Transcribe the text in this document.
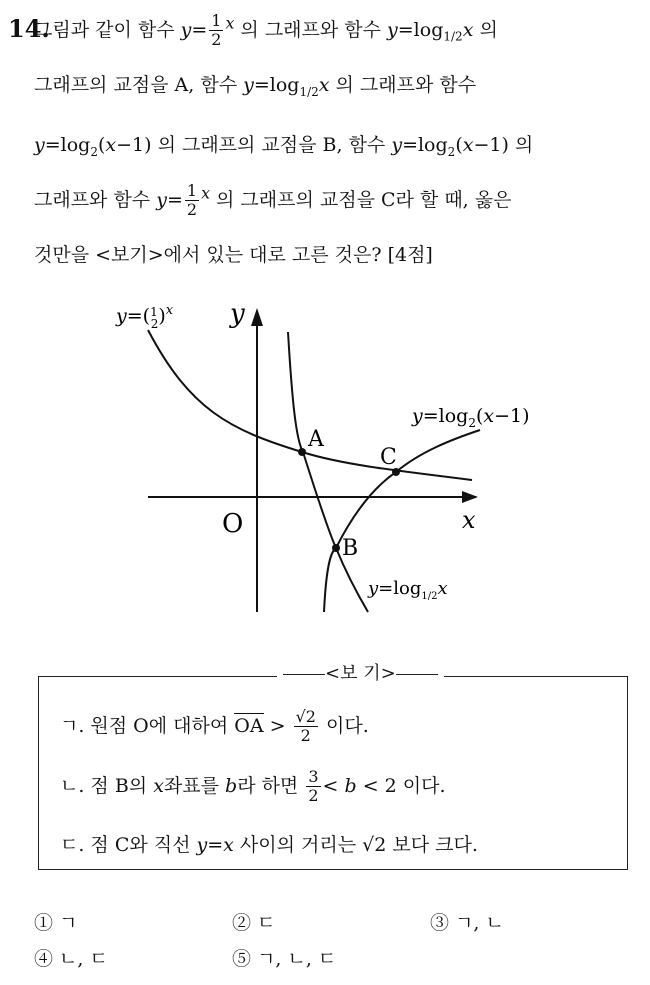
14.
그림과 같이 함수 $y= \frac{1}{2} ^x$ 의 그래프와 함수 $y=\log_{1/2}x$ 의
그래프의 교점을 A, 함수 $y=\log_{1/2}x$ 의 그래프와 함수
$y=\log_2(x-1)$ 의 그래프의 교점을 B, 함수 $y=\log_2(x-1)$ 의
그래프와 함수 $y= \frac{1}{2} ^x$ 의 그래프의 교점을 C라 할 때, 옳은
것만을 <보기>에서 있는 대로 고른 것은? [4점]
A
B
C
O	x
y
y=($^1$ 2)$^x$
$y=\log_2(x-1)$
$y=\log_{1/2}x$
<보 기>
ㄱ. 원점 O에 대하여 OA > $\frac{√2}{2}$ 이다.
ㄴ. 점 B의 x좌표를 b라 하면 $\frac{3}{2} < b < 2$ 이다.
ㄷ. 점 C와 직선 y=x 사이의 거리는 √2 보다 크다.
① ㄱ	② ㄷ	③ ㄱ, ㄴ
④ ㄴ, ㄷ	⑤ ㄱ, ㄴ, ㄷ
